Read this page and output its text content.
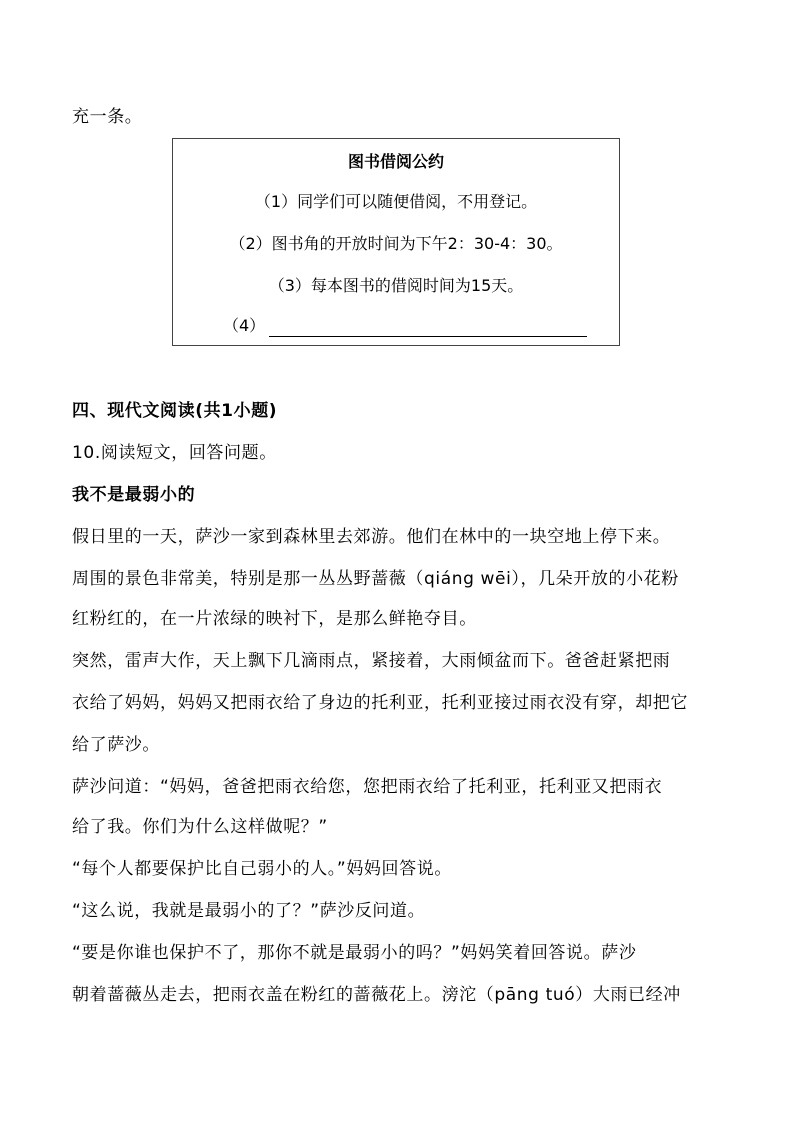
充一条。
图书借阅公约
（1）同学们可以随便借阅，不用登记。
（2）图书角的开放时间为下午2：30-4：30。
（3）每本图书的借阅时间为15天。
（4）
四、现代文阅读(共1小题)
10.阅读短文，回答问题。
我不是最弱小的
假日里的一天，萨沙一家到森林里去郊游。他们在林中的一块空地上停下来。
周围的景色非常美，特别是那一丛丛野蔷薇（qiáng wēi），几朵开放的小花粉
红粉红的，在一片浓绿的映衬下，是那么鲜艳夺目。
突然，雷声大作，天上飘下几滴雨点，紧接着，大雨倾盆而下。爸爸赶紧把雨
衣给了妈妈，妈妈又把雨衣给了身边的托利亚，托利亚接过雨衣没有穿，却把它
给了萨沙。
萨沙问道：“妈妈，爸爸把雨衣给您，您把雨衣给了托利亚，托利亚又把雨衣
给了我。你们为什么这样做呢？”
“每个人都要保护比自己弱小的人。”妈妈回答说。
“这么说，我就是最弱小的了？”萨沙反问道。
“要是你谁也保护不了，那你不就是最弱小的吗？”妈妈笑着回答说。萨沙
朝着蔷薇丛走去，把雨衣盖在粉红的蔷薇花上。滂沱（pāng tuó）大雨已经冲
